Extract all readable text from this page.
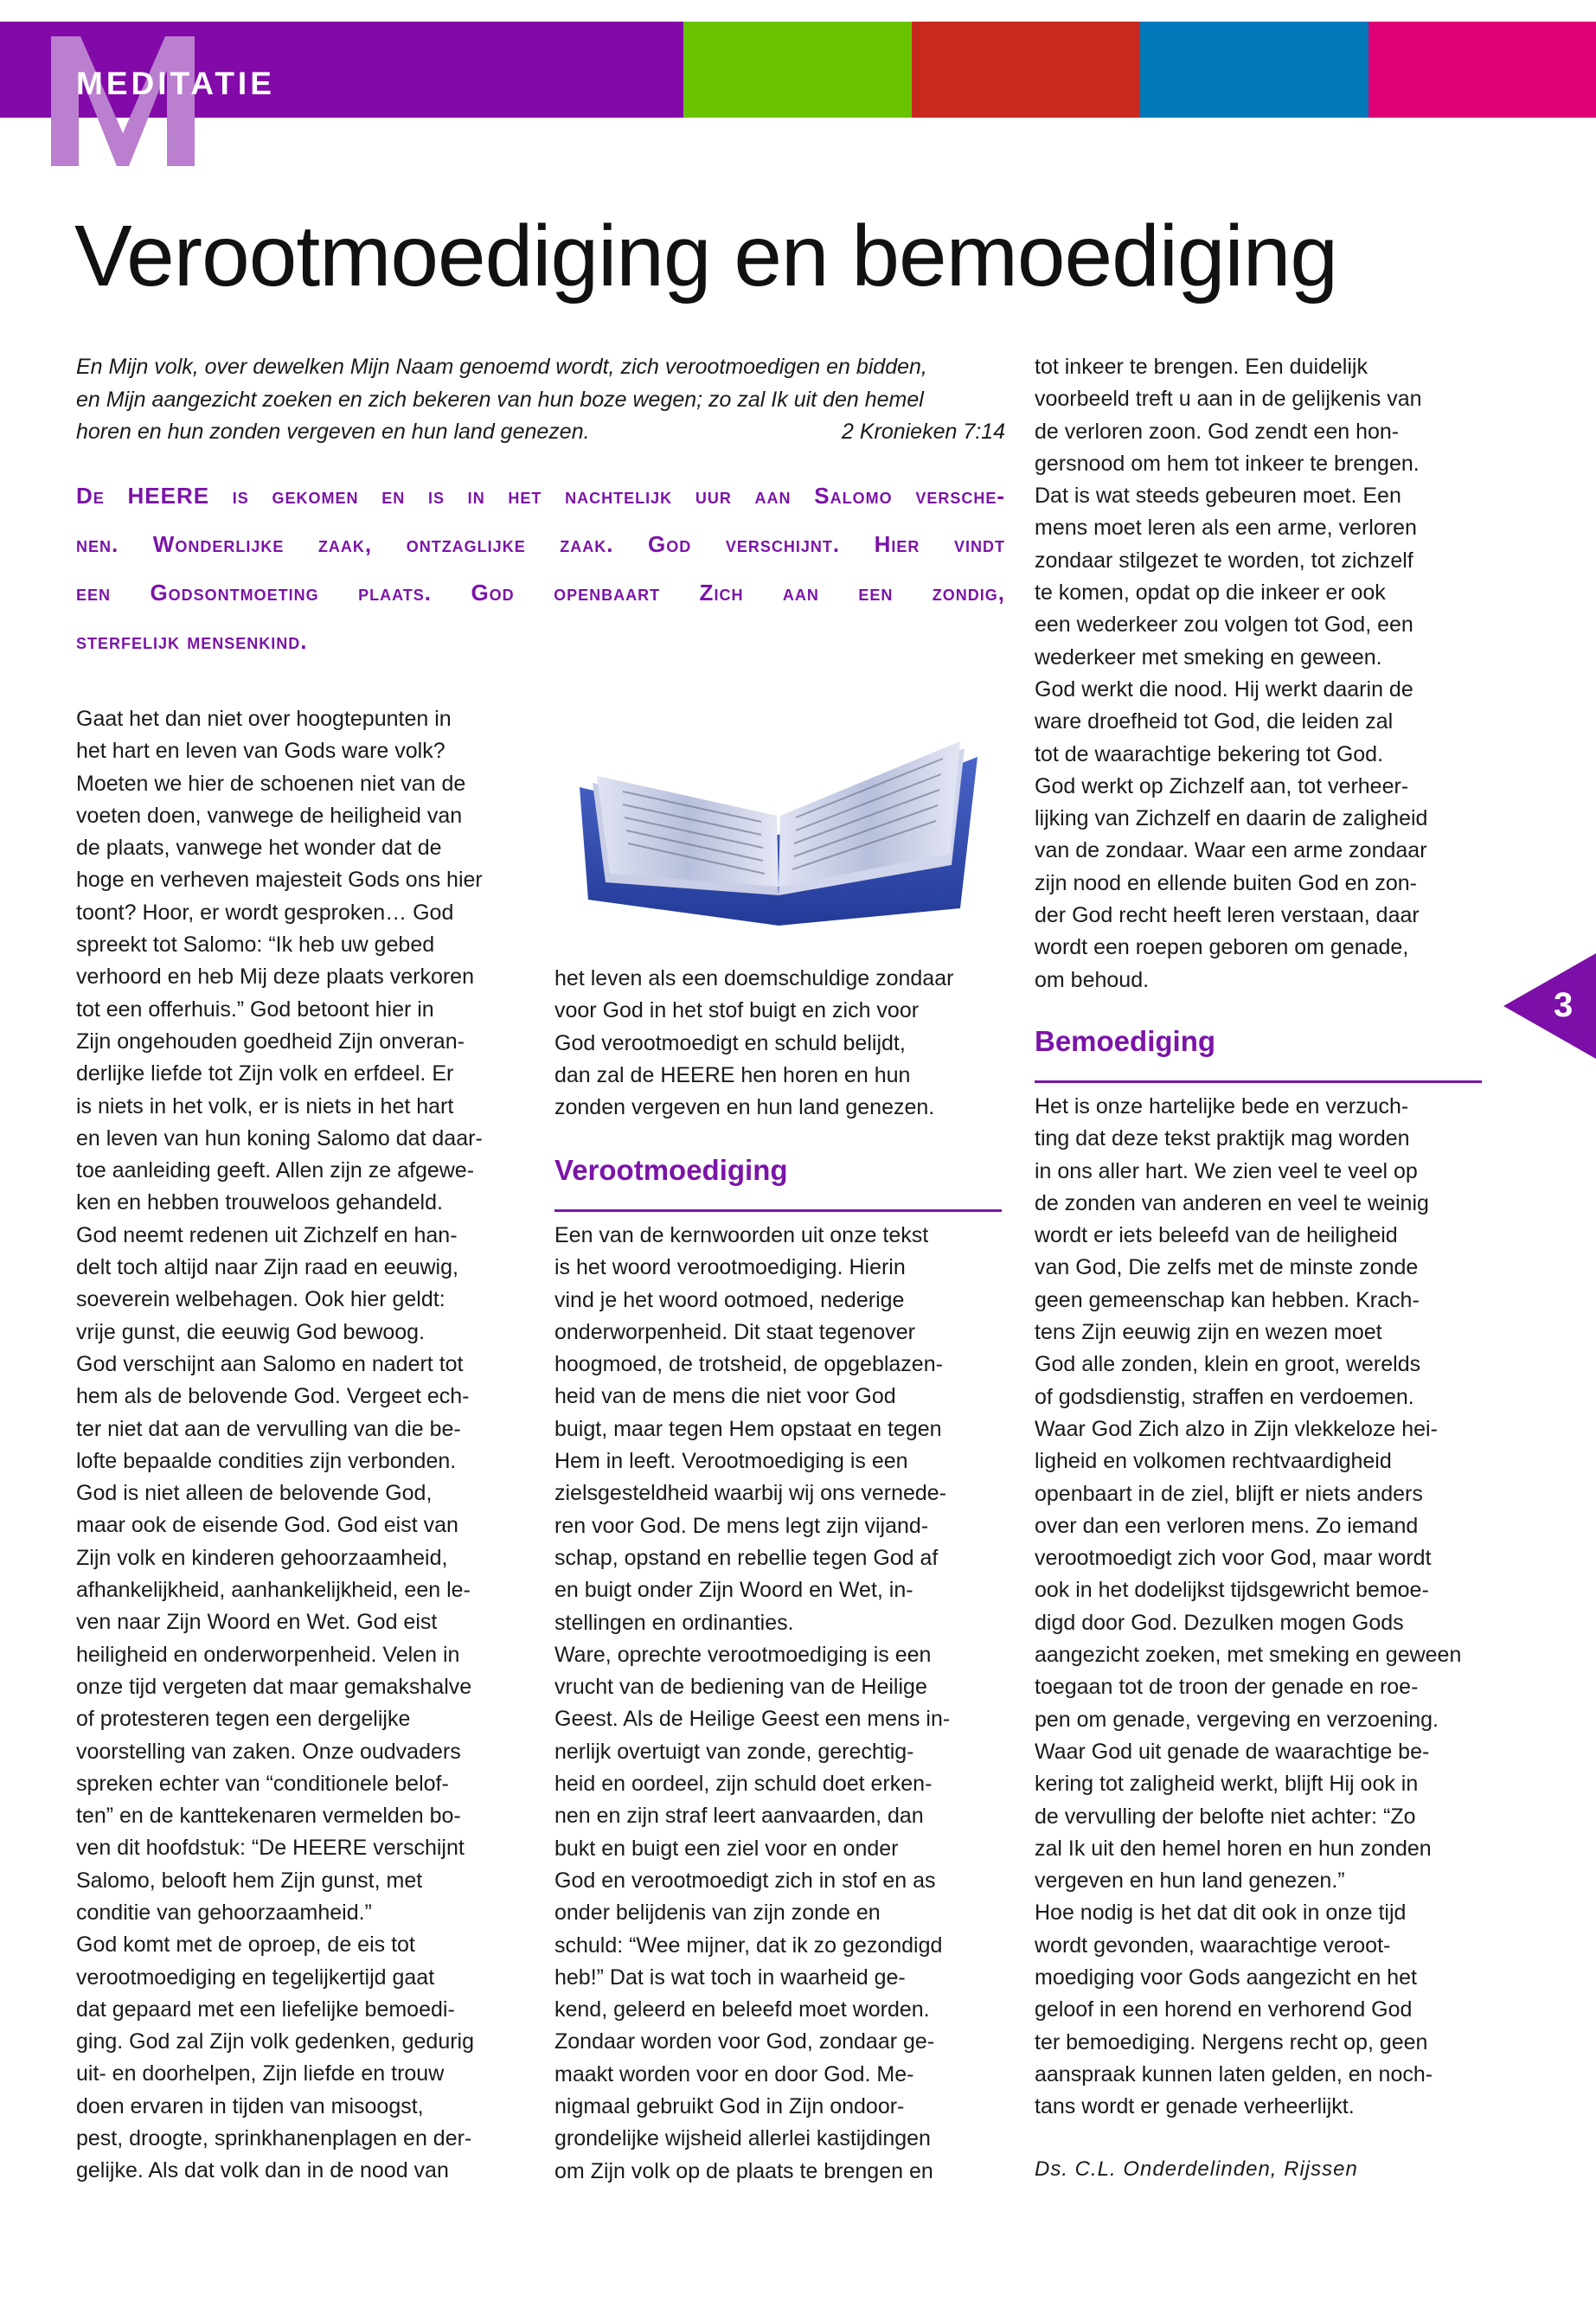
MEDITATIE
Verootmoediging en bemoediging
En Mijn volk, over dewelken Mijn Naam genoemd wordt, zich verootmoedigen en bidden,
en Mijn aangezicht zoeken en zich bekeren van hun boze wegen; zo zal Ik uit den hemel
horen en hun zonden vergeven en hun land genezen.	2 Kronieken 7:14
De HEERE is gekomen en is in het nachtelijk uur aan Salomo versche-
nen. Wonderlijke zaak, ontzaglijke zaak. God verschijnt. Hier vindt
een Godsontmoeting plaats. God openbaart Zich aan een zondig,
sterfelijk mensenkind.
Gaat het dan niet over hoogtepunten in
het hart en leven van Gods ware volk?
Moeten we hier de schoenen niet van de
voeten doen, vanwege de heiligheid van
de plaats, vanwege het wonder dat de
hoge en verheven majesteit Gods ons hier
toont? Hoor, er wordt gesproken… God
spreekt tot Salomo: “Ik heb uw gebed
verhoord en heb Mij deze plaats verkoren
tot een offerhuis.” God betoont hier in
Zijn ongehouden goedheid Zijn onveran-
derlijke liefde tot Zijn volk en erfdeel. Er
is niets in het volk, er is niets in het hart
en leven van hun koning Salomo dat daar-
toe aanleiding geeft. Allen zijn ze afgewe-
ken en hebben trouweloos gehandeld.
God neemt redenen uit Zichzelf en han-
delt toch altijd naar Zijn raad en eeuwig,
soeverein welbehagen. Ook hier geldt:
vrije gunst, die eeuwig God bewoog.
God verschijnt aan Salomo en nadert tot
hem als de belovende God. Vergeet ech-
ter niet dat aan de vervulling van die be-
lofte bepaalde condities zijn verbonden.
God is niet alleen de belovende God,
maar ook de eisende God. God eist van
Zijn volk en kinderen gehoorzaamheid,
afhankelijkheid, aanhankelijkheid, een le-
ven naar Zijn Woord en Wet. God eist
heiligheid en onderworpenheid. Velen in
onze tijd vergeten dat maar gemakshalve
of protesteren tegen een dergelijke
voorstelling van zaken. Onze oudvaders
spreken echter van “conditionele belof-
ten” en de kanttekenaren vermelden bo-
ven dit hoofdstuk: “De HEERE verschijnt
Salomo, belooft hem Zijn gunst, met
conditie van gehoorzaamheid.”
God komt met de oproep, de eis tot
verootmoediging en tegelijkertijd gaat
dat gepaard met een liefelijke bemoedi-
ging. God zal Zijn volk gedenken, gedurig
uit- en doorhelpen, Zijn liefde en trouw
doen ervaren in tijden van misoogst,
pest, droogte, sprinkhanenplagen en der-
gelijke. Als dat volk dan in de nood van
het leven als een doemschuldige zondaar
voor God in het stof buigt en zich voor
God verootmoedigt en schuld belijdt,
dan zal de HEERE hen horen en hun
zonden vergeven en hun land genezen.
Verootmoediging
Een van de kernwoorden uit onze tekst
is het woord verootmoediging. Hierin
vind je het woord ootmoed, nederige
onderworpenheid. Dit staat tegenover
hoogmoed, de trotsheid, de opgeblazen-
heid van de mens die niet voor God
buigt, maar tegen Hem opstaat en tegen
Hem in leeft. Verootmoediging is een
zielsgesteldheid waarbij wij ons vernede-
ren voor God. De mens legt zijn vijand-
schap, opstand en rebellie tegen God af
en buigt onder Zijn Woord en Wet, in-
stellingen en ordinanties.
Ware, oprechte verootmoediging is een
vrucht van de bediening van de Heilige
Geest. Als de Heilige Geest een mens in-
nerlijk overtuigt van zonde, gerechtig-
heid en oordeel, zijn schuld doet erken-
nen en zijn straf leert aanvaarden, dan
bukt en buigt een ziel voor en onder
God en verootmoedigt zich in stof en as
onder belijdenis van zijn zonde en
schuld: “Wee mijner, dat ik zo gezondigd
heb!” Dat is wat toch in waarheid ge-
kend, geleerd en beleefd moet worden.
Zondaar worden voor God, zondaar ge-
maakt worden voor en door God. Me-
nigmaal gebruikt God in Zijn ondoor-
grondelijke wijsheid allerlei kastijdingen
om Zijn volk op de plaats te brengen en
tot inkeer te brengen. Een duidelijk
voorbeeld treft u aan in de gelijkenis van
de verloren zoon. God zendt een hon-
gersnood om hem tot inkeer te brengen.
Dat is wat steeds gebeuren moet. Een
mens moet leren als een arme, verloren
zondaar stilgezet te worden, tot zichzelf
te komen, opdat op die inkeer er ook
een wederkeer zou volgen tot God, een
wederkeer met smeking en geween.
God werkt die nood. Hij werkt daarin de
ware droefheid tot God, die leiden zal
tot de waarachtige bekering tot God.
God werkt op Zichzelf aan, tot verheer-
lijking van Zichzelf en daarin de zaligheid
van de zondaar. Waar een arme zondaar
zijn nood en ellende buiten God en zon-
der God recht heeft leren verstaan, daar
wordt een roepen geboren om genade,
om behoud.
Bemoediging
Het is onze hartelijke bede en verzuch-
ting dat deze tekst praktijk mag worden
in ons aller hart. We zien veel te veel op
de zonden van anderen en veel te weinig
wordt er iets beleefd van de heiligheid
van God, Die zelfs met de minste zonde
geen gemeenschap kan hebben. Krach-
tens Zijn eeuwig zijn en wezen moet
God alle zonden, klein en groot, werelds
of godsdienstig, straffen en verdoemen.
Waar God Zich alzo in Zijn vlekkeloze hei-
ligheid en volkomen rechtvaardigheid
openbaart in de ziel, blijft er niets anders
over dan een verloren mens. Zo iemand
verootmoedigt zich voor God, maar wordt
ook in het dodelijkst tijdsgewricht bemoe-
digd door God. Dezulken mogen Gods
aangezicht zoeken, met smeking en geween
toegaan tot de troon der genade en roe-
pen om genade, vergeving en verzoening.
Waar God uit genade de waarachtige be-
kering tot zaligheid werkt, blijft Hij ook in
de vervulling der belofte niet achter: “Zo
zal Ik uit den hemel horen en hun zonden
vergeven en hun land genezen.”
Hoe nodig is het dat dit ook in onze tijd
wordt gevonden, waarachtige veroot-
moediging voor Gods aangezicht en het
geloof in een horend en verhorend God
ter bemoediging. Nergens recht op, geen
aanspraak kunnen laten gelden, en noch-
tans wordt er genade verheerlijkt.
Ds. C.L. Onderdelinden, Rijssen
3
